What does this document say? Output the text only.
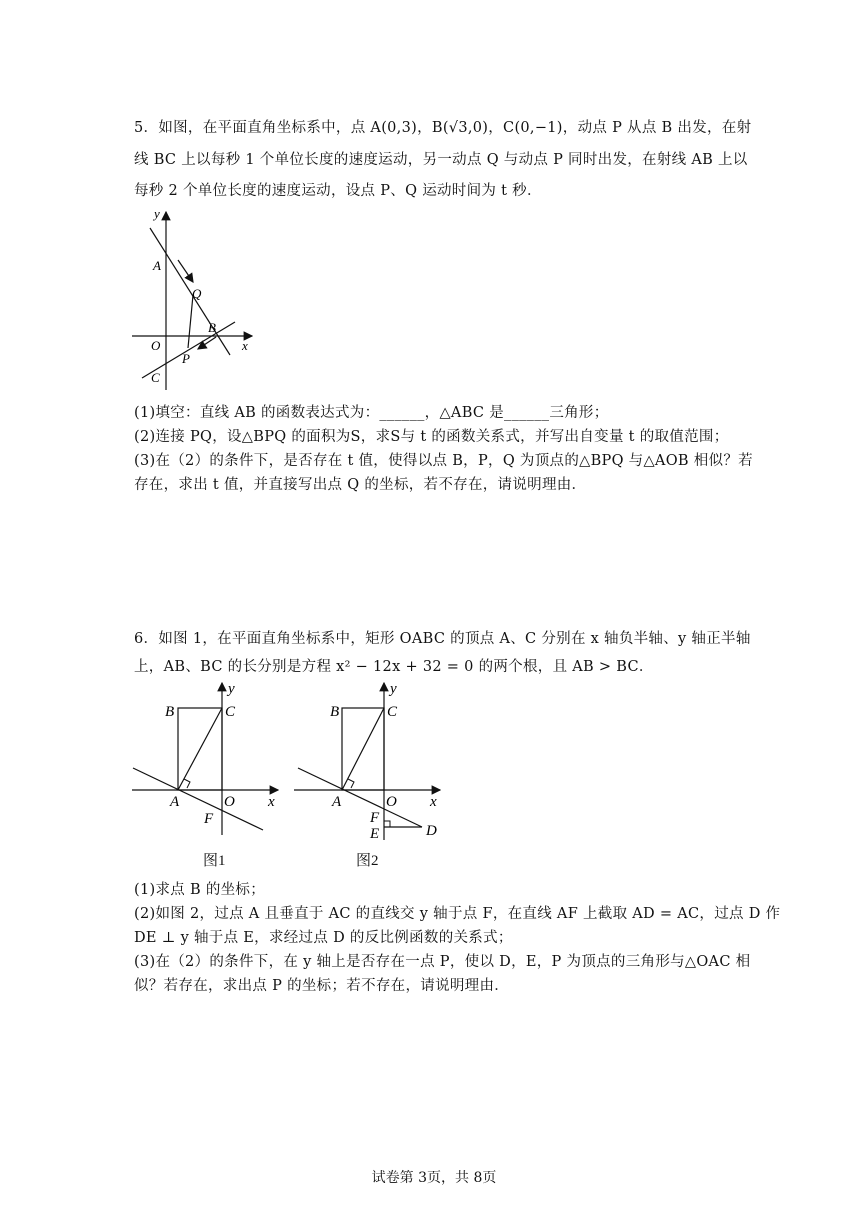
5．如图，在平面直角坐标系中，点 A(0,3)，B(√3,0)，C(0,−1)，动点 P 从点 B 出发，在射
线 BC 上以每秒 1 个单位长度的速度运动，另一动点 Q 与动点 P 同时出发，在射线 AB 上以
每秒 2 个单位长度的速度运动，设点 P、Q 运动时间为 t 秒．
y
x
A
Q
B
O
P
C
(1)填空：直线 AB 的函数表达式为：______，△ABC 是______三角形；
(2)连接 PQ，设△BPQ 的面积为S，求S与 t 的函数关系式，并写出自变量 t 的取值范围；
(3)在（2）的条件下，是否存在 t 值，使得以点 B，P，Q 为顶点的△BPQ 与△AOB 相似？若
存在，求出 t 值，并直接写出点 Q 的坐标，若不存在，请说明理由．
6．如图 1，在平面直角坐标系中，矩形 OABC 的顶点 A、C 分别在 x 轴负半轴、y 轴正半轴
上，AB、BC 的长分别是方程 x² − 12x + 32 = 0 的两个根，且 AB > BC．
y
B	C
A	O x
F
图1
y
B	C
A	O x
F
E	D
图2
(1)求点 B 的坐标；
(2)如图 2，过点 A 且垂直于 AC 的直线交 y 轴于点 F，在直线 AF 上截取 AD = AC，过点 D 作
DE ⊥ y 轴于点 E，求经过点 D 的反比例函数的关系式；
(3)在（2）的条件下，在 y 轴上是否存在一点 P，使以 D，E，P 为顶点的三角形与△OAC 相
似？若存在，求出点 P 的坐标；若不存在，请说明理由．
试卷第 3页，共 8页
